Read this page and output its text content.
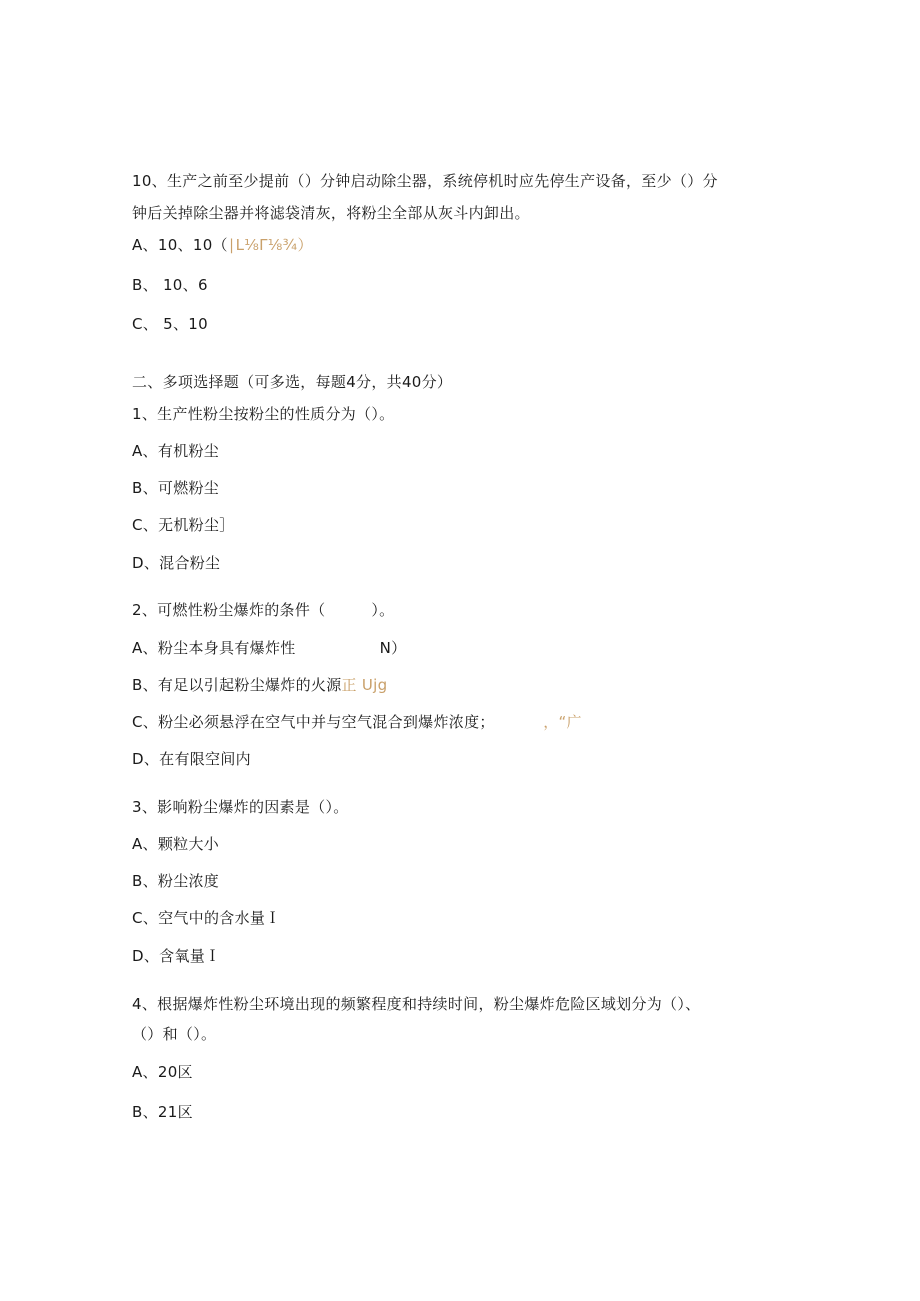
10、生产之前至少提前（）分钟启动除尘器，系统停机时应先停生产设备，至少（）分
钟后关掉除尘器并将滤袋清灰，将粉尘全部从灰斗内卸出。
A、10、10（∣L⅛Γ⅛¾）
B、 10、6
C、 5、10
二、多项选择题（可多选，每题4分，共40分）
1、生产性粉尘按粉尘的性质分为（）。
A、有机粉尘
B、可燃粉尘
C、无机粉尘］
D、混合粉尘
2、可燃性粉尘爆炸的条件（　　　）。
A、粉尘本身具有爆炸性	N）
B、有足以引起粉尘爆炸的火源正 Ujg
C、粉尘必须悬浮在空气中并与空气混合到爆炸浓度；	，“广
D、在有限空间内
3、影响粉尘爆炸的因素是（）。
A、颗粒大小
B、粉尘浓度
C、空气中的含水量Ｉ
D、含氧量Ｉ
4、根据爆炸性粉尘环境出现的频繁程度和持续时间，粉尘爆炸危险区域划分为（）、
（）和（）。
A、20区
B、21区
